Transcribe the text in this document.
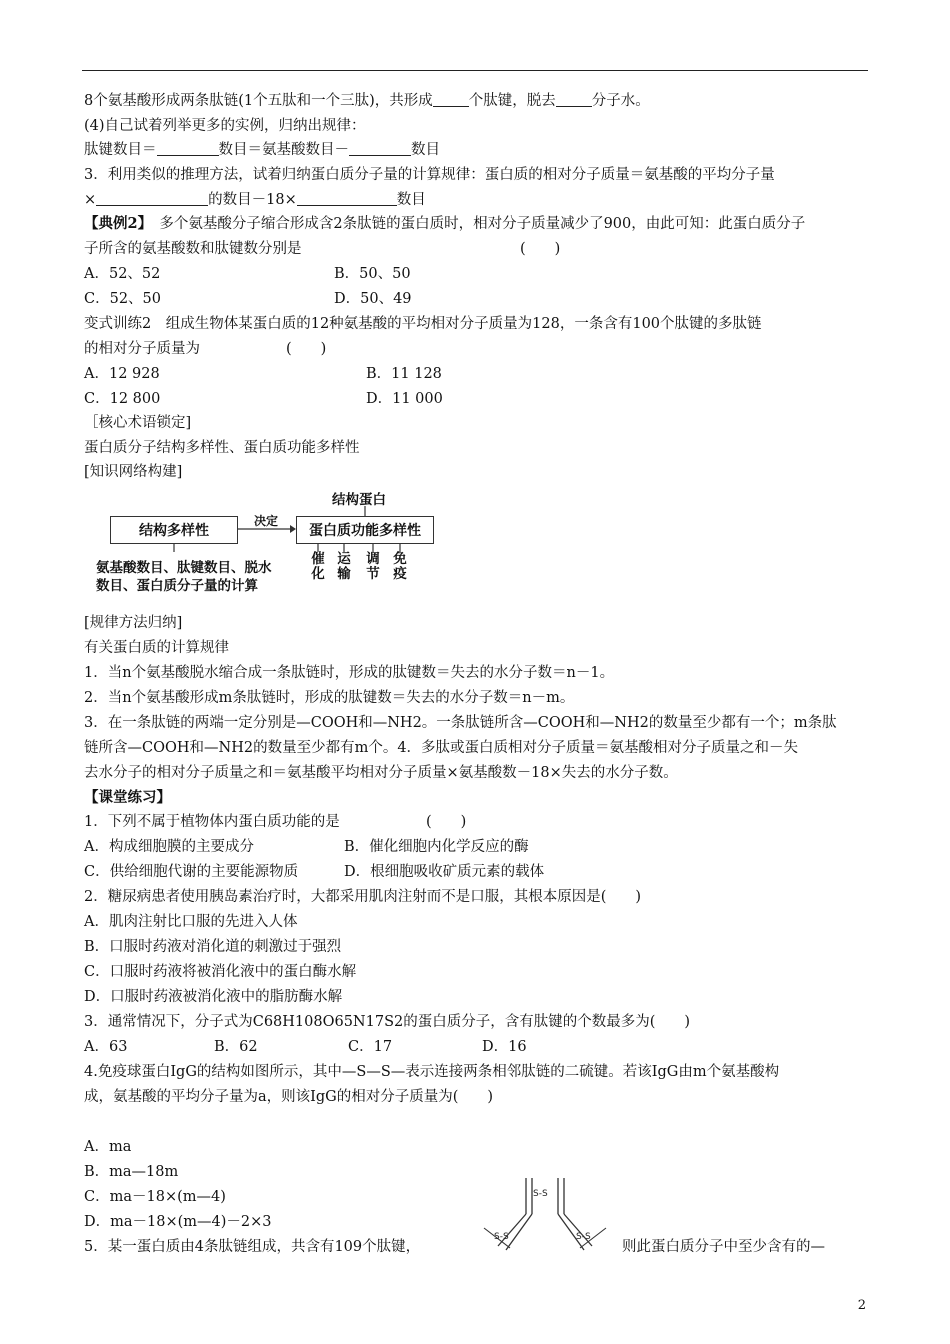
8个氨基酸形成两条肽链(1个五肽和一个三肽)，共形成 个肽键，脱去 分子水。
(4)自己试着列举更多的实例，归纳出规律：
肽键数目＝	数目＝氨基酸数目－	数目
3．利用类似的推理方法，试着归纳蛋白质分子量的计算规律：蛋白质的相对分子质量＝氨基酸的平均分子量
×	的数目－18×	数目
【典例2】　 多个氨基酸分子缩合形成含2条肽链的蛋白质时，相对分子质量减少了900，由此可知：此蛋白质分子
子所含的氨基酸数和肽键数分别是	(　　)
A．52、52	B．50、50
C．52、50	D．50、49
变式训练2　组成生物体某蛋白质的12种氨基酸的平均相对分子质量为128，一条含有100个肽键的多肽链
的相对分子质量为	(　　)
A．12 928	B．11 128
C．12 800	D．11 000
［核心术语锁定]
蛋白质分子结构多样性、蛋白质功能多样性
[知识网络构建]
结构多样性
决定
蛋白质功能多样性
结构蛋白
催化
运输
调节
免疫
氨基酸数目、肽键数目、脱水
数目、蛋白质分子量的计算
[规律方法归纳]
有关蛋白质的计算规律
1．当n个氨基酸脱水缩合成一条肽链时，形成的肽键数＝失去的水分子数＝n－1。
2．当n个氨基酸形成m条肽链时，形成的肽键数＝失去的水分子数＝n－m。
3．在一条肽链的两端一定分别是—COOH和—NH2。一条肽链所含—COOH和—NH2的数量至少都有一个；m条肽
链所含—COOH和—NH2的数量至少都有m个。4．多肽或蛋白质相对分子质量＝氨基酸相对分子质量之和－失
去水分子的相对分子质量之和＝氨基酸平均相对分子质量×氨基酸数－18×失去的水分子数。
【课堂练习】
1．下列不属于植物体内蛋白质功能的是	(　　)
A．构成细胞膜的主要成分	B．催化细胞内化学反应的酶
C．供给细胞代谢的主要能源物质	D．根细胞吸收矿质元素的载体
2．糖尿病患者使用胰岛素治疗时，大都采用肌肉注射而不是口服，其根本原因是(　　)
A．肌肉注射比口服的先进入人体
B．口服时药液对消化道的刺激过于强烈
C．口服时药液将被消化液中的蛋白酶水解
D．口服时药液被消化液中的脂肪酶水解
3．通常情况下，分子式为C68H108O65N17S2的蛋白质分子，含有肽键的个数最多为(　　)
A．63	B．62	C．17	D．16
4.免疫球蛋白IgG的结构如图所示，其中—S—S—表示连接两条相邻肽链的二硫键。若该IgG由m个氨基酸构
成，氨基酸的平均分子量为a，则该IgG的相对分子质量为(　　)
A．ma
B．ma—18m
C．ma－18×(m—4)
D．ma－18×(m—4)－2×3
5．某一蛋白质由4条肽链组成，共含有109个肽键，	则此蛋白质分子中至少含有的—
S-S
S-S	S-S
2
